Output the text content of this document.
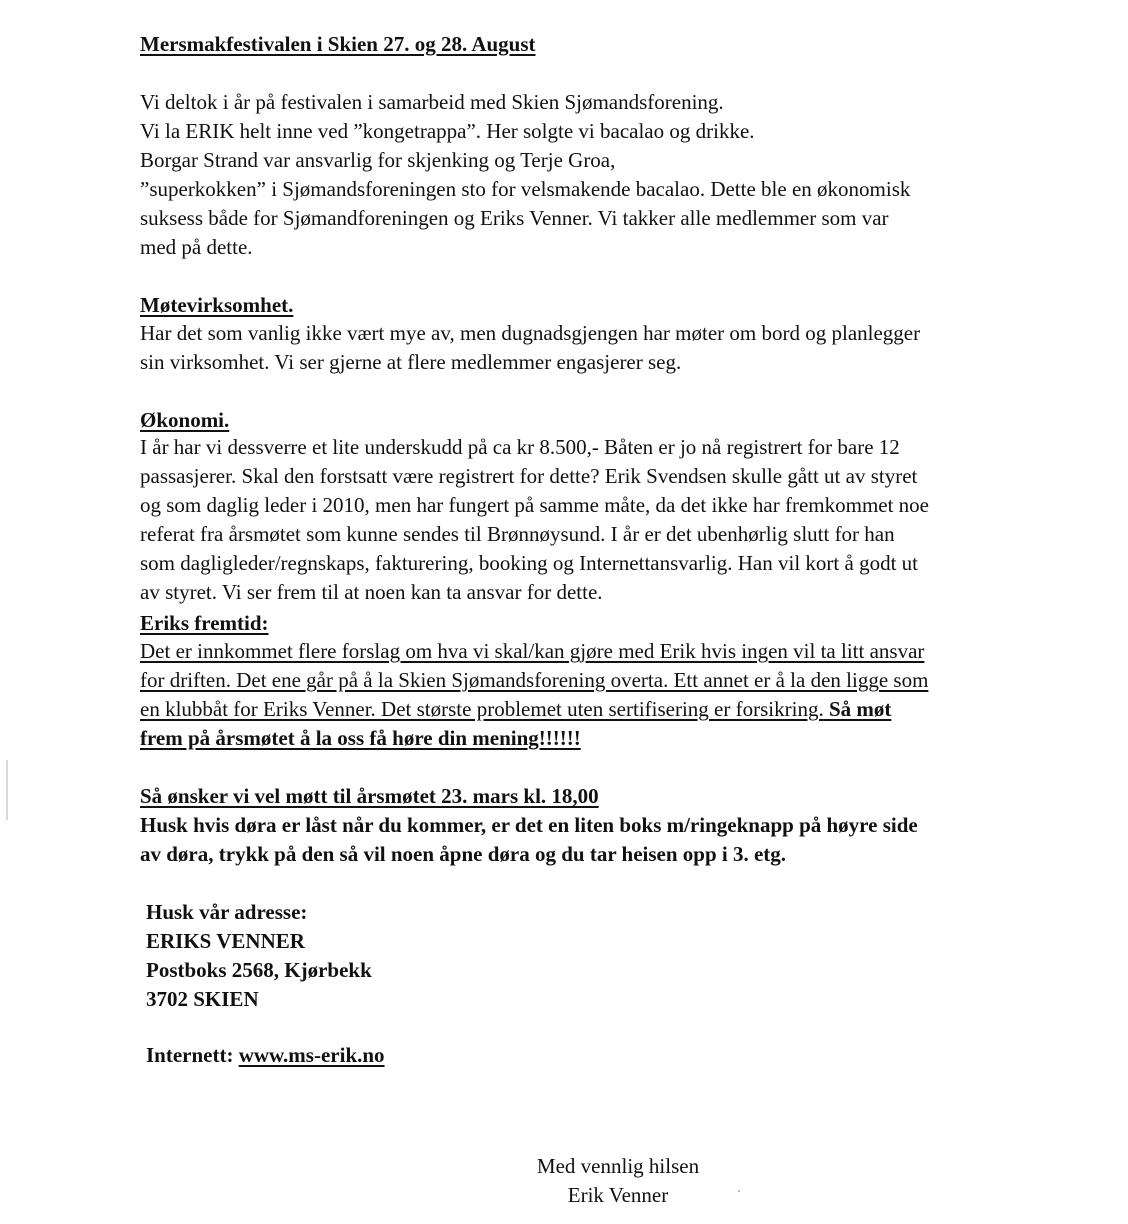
Mersmakfestivalen i Skien 27. og 28. August
Vi deltok i år på festivalen i samarbeid med Skien Sjømandsforening.
Vi la ERIK helt inne ved ”kongetrappa”. Her solgte vi bacalao og drikke.
Borgar Strand var ansvarlig for skjenking og Terje Groa,
”superkokken” i Sjømandsforeningen sto for velsmakende bacalao. Dette ble en økonomisk
suksess både for Sjømandforeningen og Eriks Venner. Vi takker alle medlemmer som var
med på dette.
Møtevirksomhet.
Har det som vanlig ikke vært mye av, men dugnadsgjengen har møter om bord og planlegger
sin virksomhet. Vi ser gjerne at flere medlemmer engasjerer seg.
Økonomi.
I år har vi dessverre et lite underskudd på ca kr 8.500,- Båten er jo nå registrert for bare 12
passasjerer. Skal den forstsatt være registrert for dette? Erik Svendsen skulle gått ut av styret
og som daglig leder i 2010, men har fungert på samme måte, da det ikke har fremkommet noe
referat fra årsmøtet som kunne sendes til Brønnøysund. I år er det ubenhørlig slutt for han
som dagligleder/regnskaps, fakturering, booking og Internettansvarlig. Han vil kort å godt ut
av styret. Vi ser frem til at noen kan ta ansvar for dette.
Eriks fremtid:
Det er innkommet flere forslag om hva vi skal/kan gjøre med Erik hvis ingen vil ta litt ansvar
for driften. Det ene går på å la Skien Sjømandsforening overta. Ett annet er å la den ligge som
en klubbåt for Eriks Venner. Det største problemet uten sertifisering er forsikring. Så møt
frem på årsmøtet å la oss få høre din mening!!!!!!
Så ønsker vi vel møtt til årsmøtet 23. mars kl. 18,00
Husk hvis døra er låst når du kommer, er det en liten boks m/ringeknapp på høyre side
av døra, trykk på den så vil noen åpne døra og du tar heisen opp i 3. etg.
Husk vår adresse:
ERIKS VENNER
Postboks 2568, Kjørbekk
3702 SKIEN
Internett: www.ms-erik.no
Med vennlig hilsen
Erik Venner
